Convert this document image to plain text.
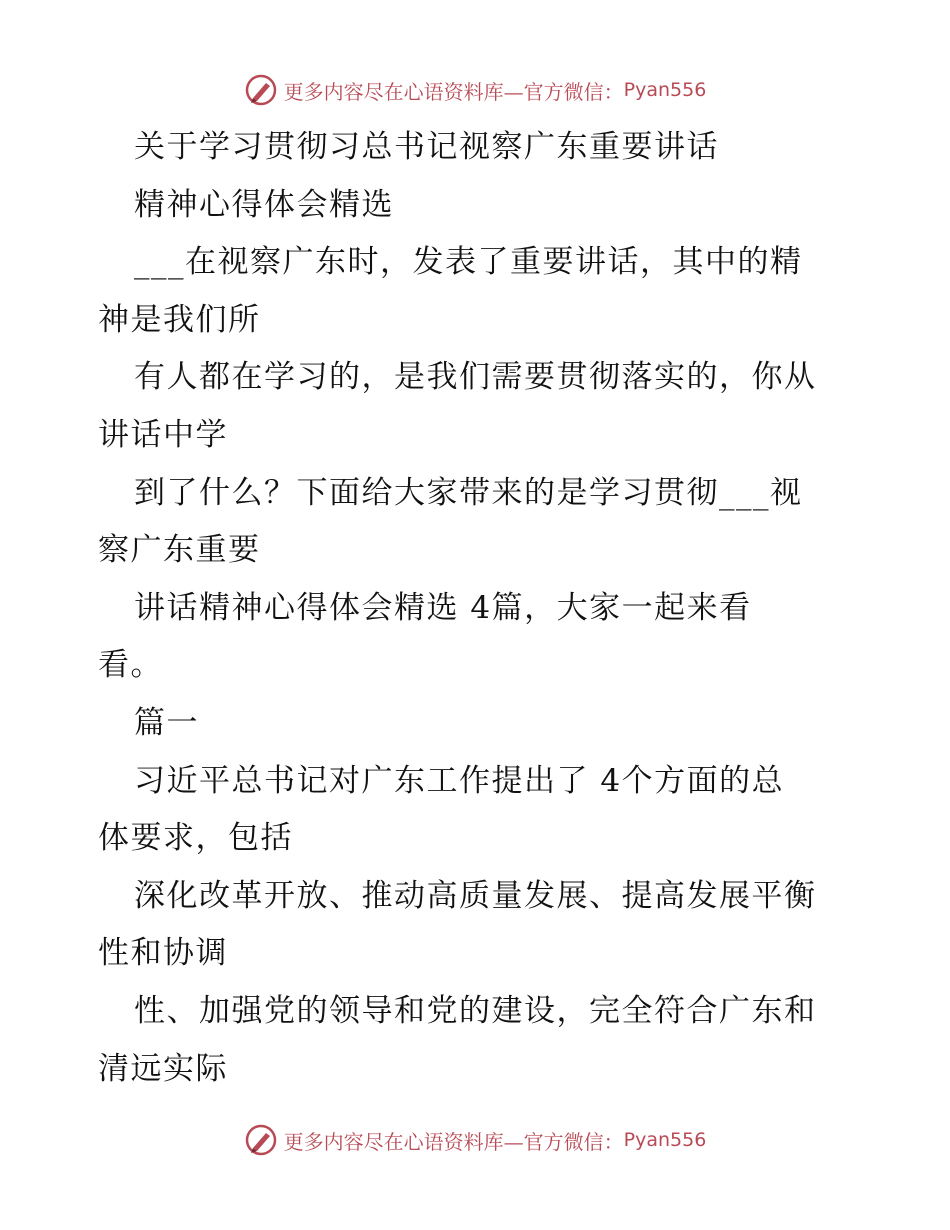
更多内容尽在心语资料库—官方微信： Pyan556
关于学习贯彻习总书记视察广东重要讲话
精神心得体会精选
___在视察广东时，发表了重要讲话，其中的精
神是我们所
有人都在学习的，是我们需要贯彻落实的，你从
讲话中学
到了什么？下面给大家带来的是学习贯彻___视
察广东重要
讲话精神心得体会精选 4篇，大家一起来看
看。
篇一
习近平总书记对广东工作提出了 4个方面的总
体要求，包括
深化改革开放、推动高质量发展、提高发展平衡
性和协调
性、加强党的领导和党的建设，完全符合广东和
清远实际
更多内容尽在心语资料库—官方微信： Pyan556
